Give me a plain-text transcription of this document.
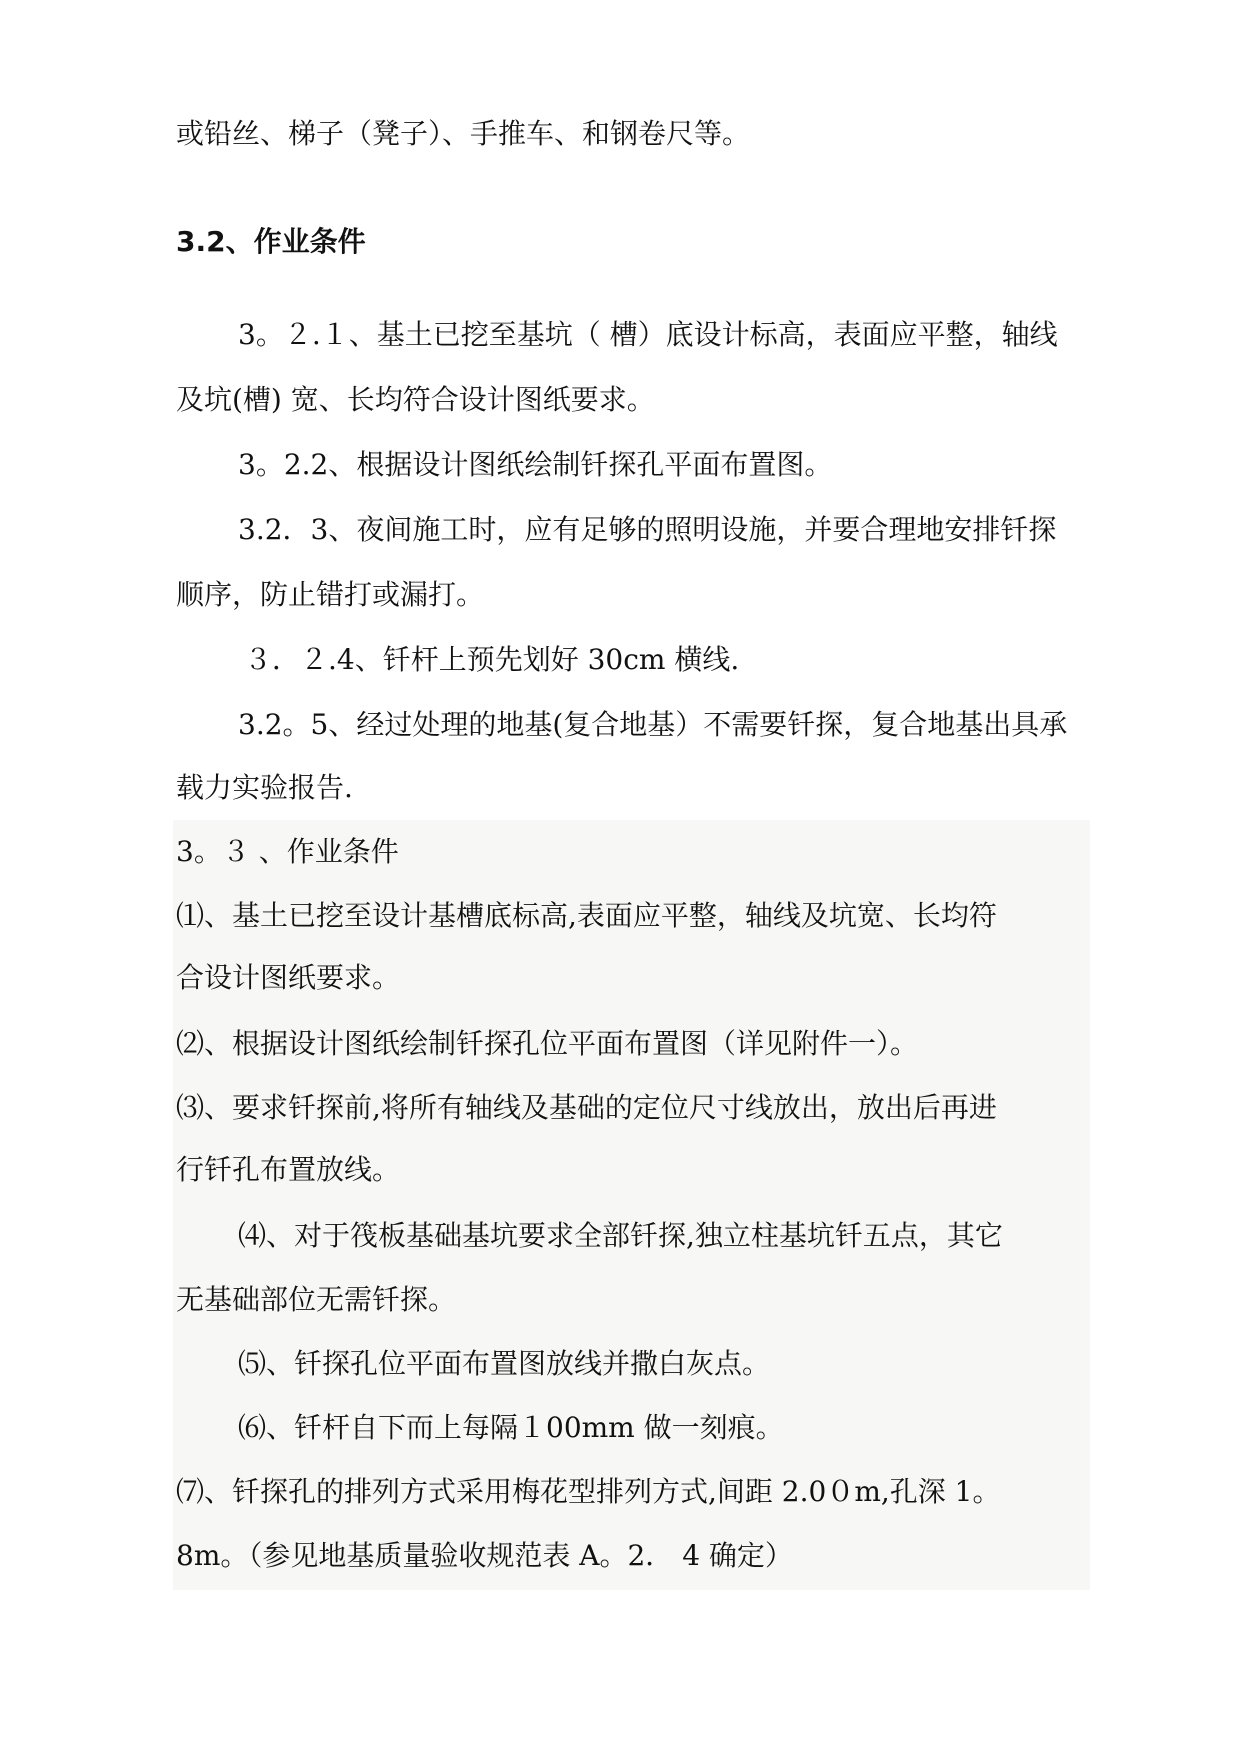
或铅丝、梯子（凳子）、手推车、和钢卷尺等。

3.2、作业条件

3。２.１、基土已挖至基坑（ 槽）底设计标高，表面应平整，轴线

及坑(槽) 宽、长均符合设计图纸要求。

3。2.2、根据设计图纸绘制钎探孔平面布置图。

3.2．3、夜间施工时，应有足够的照明设施，并要合理地安排钎探

顺序，防止错打或漏打。

３．２.4、钎杆上预先划好 30cm 横线.

3.2。5、经过处理的地基(复合地基）不需要钎探，复合地基出具承

载力实验报告.

3。３ 、作业条件

⑴、基土已挖至设计基槽底标高,表面应平整，轴线及坑宽、长均符

合设计图纸要求。

⑵、根据设计图纸绘制钎探孔位平面布置图（详见附件一）。

⑶、要求钎探前,将所有轴线及基础的定位尺寸线放出，放出后再进

行钎孔布置放线。

⑷、对于筏板基础基坑要求全部钎探,独立柱基坑钎五点，其它

无基础部位无需钎探。

⑸、钎探孔位平面布置图放线并撒白灰点。

⑹、钎杆自下而上每隔１00mm 做一刻痕。

⑺、钎探孔的排列方式采用梅花型排列方式,间距 2.0０m,孔深 1。

8m。（参见地基质量验收规范表 A。2． 4 确定）
